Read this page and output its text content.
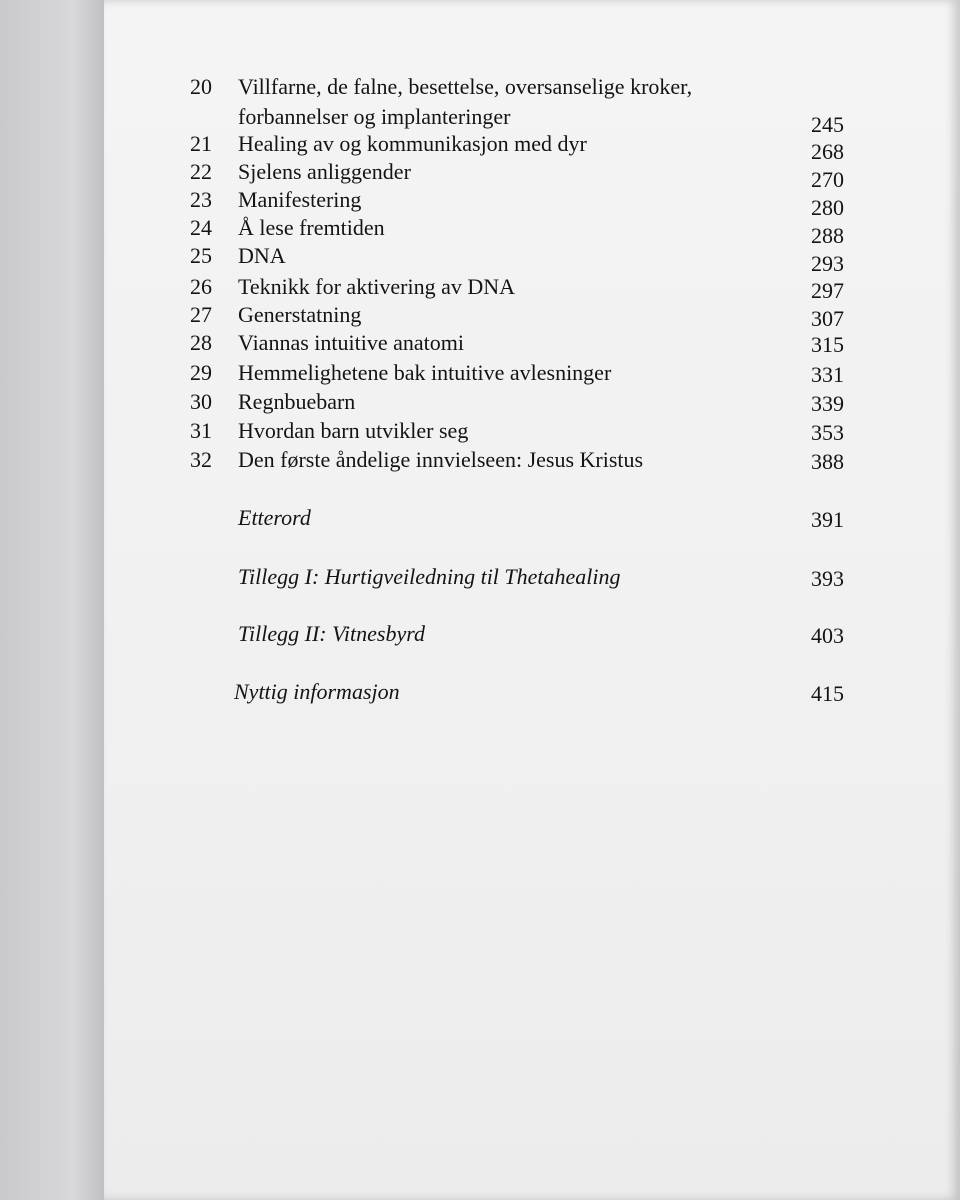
20	Villfarne, de falne, besettelse, oversanselige kroker,
forbannelser og implanteringer	245
21	Healing av og kommunikasjon med dyr	268
22	Sjelens anliggender	270
23	Manifestering	280
24	Å lese fremtiden	288
25	DNA	293
26	Teknikk for aktivering av DNA	297
27	Generstatning	307
28	Viannas intuitive anatomi	315
29	Hemmelighetene bak intuitive avlesninger	331
30	Regnbuebarn	339
31	Hvordan barn utvikler seg	353
32	Den første åndelige innvielseen: Jesus Kristus	388
Etterord	391
Tillegg I: Hurtigveiledning til Thetahealing	393
Tillegg II: Vitnesbyrd	403
Nyttig informasjon	415
